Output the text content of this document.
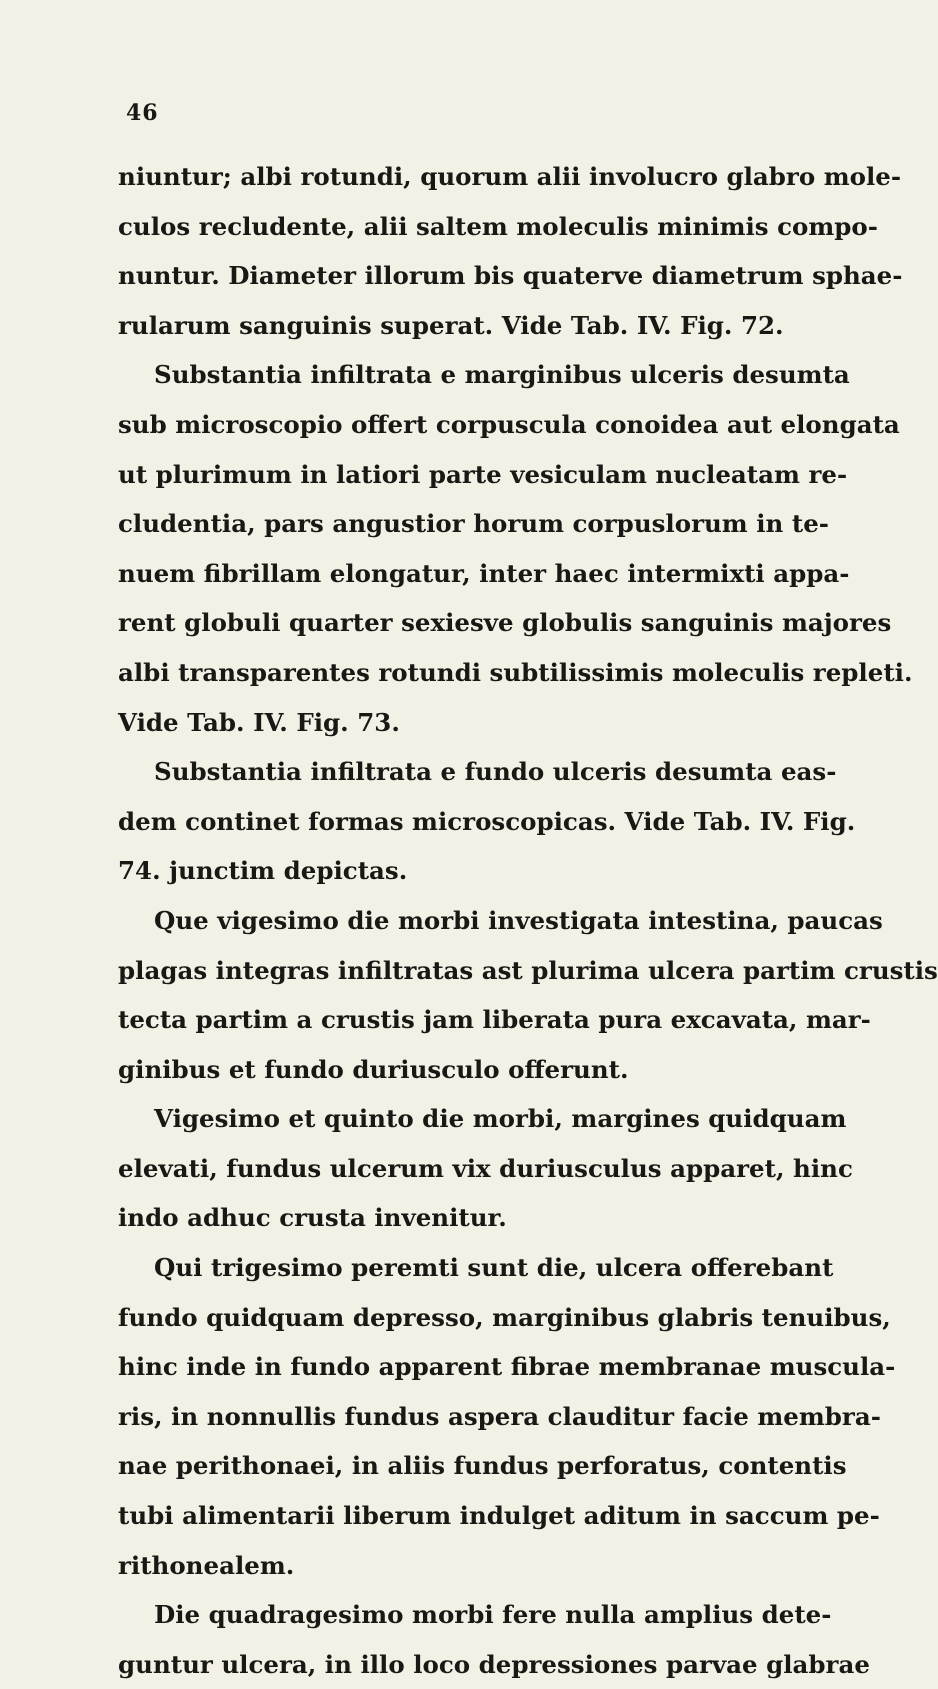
46
niuntur; albi rotundi, quorum alii involucro glabro mole-
culos recludente, alii saltem moleculis minimis compo-
nuntur. Diameter illorum bis quaterve diametrum sphae-
rularum sanguinis superat. Vide Tab. IV. Fig. 72.
Substantia infiltrata e marginibus ulceris desumta
sub microscopio offert corpuscula conoidea aut elongata
ut plurimum in latiori parte vesiculam nucleatam re-
cludentia, pars angustior horum corpuslorum in te-
nuem fibrillam elongatur, inter haec intermixti appa-
rent globuli quarter sexiesve globulis sanguinis majores
albi transparentes rotundi subtilissimis moleculis repleti.
Vide Tab. IV. Fig. 73.
Substantia infiltrata e fundo ulceris desumta eas-
dem continet formas microscopicas. Vide Tab. IV. Fig.
74. junctim depictas.
Que vigesimo die morbi investigata intestina, paucas
plagas integras infiltratas ast plurima ulcera partim crustis
tecta partim a crustis jam liberata pura excavata, mar-
ginibus et fundo duriusculo offerunt.
Vigesimo et quinto die morbi, margines quidquam
elevati, fundus ulcerum vix duriusculus apparet, hinc
indo adhuc crusta invenitur.
Qui trigesimo peremti sunt die, ulcera offerebant
fundo quidquam depresso, marginibus glabris tenuibus,
hinc inde in fundo apparent fibrae membranae muscula-
ris, in nonnullis fundus aspera clauditur facie membra-
nae perithonaei, in aliis fundus perforatus, contentis
tubi alimentarii liberum indulget aditum in saccum pe-
rithonealem.
Die quadragesimo morbi fere nulla amplius dete-
guntur ulcera, in illo loco depressiones parvae glabrae
